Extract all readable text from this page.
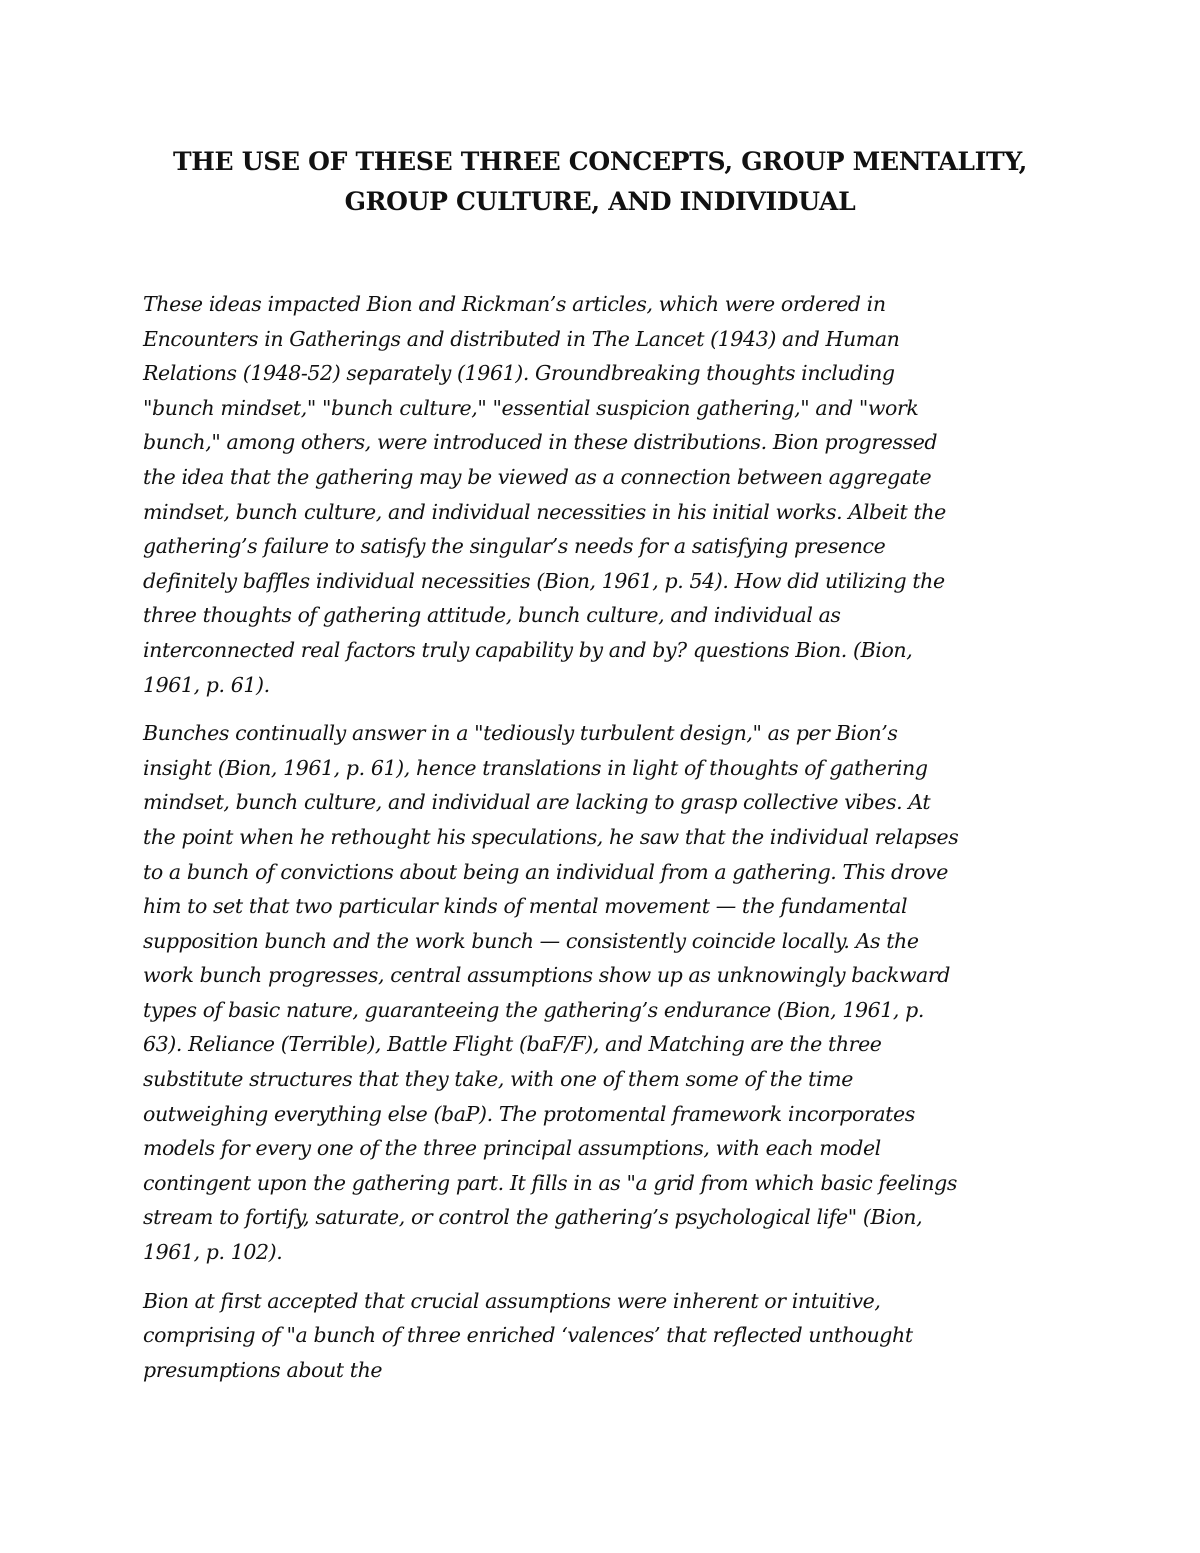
THE USE OF THESE THREE CONCEPTS, GROUP MENTALITY,
GROUP CULTURE, AND INDIVIDUAL

These ideas impacted Bion and Rickman’s articles, which were ordered in
Encounters in Gatherings and distributed in The Lancet (1943) and Human
Relations (1948-52) separately (1961). Groundbreaking thoughts including
"bunch mindset," "bunch culture," "essential suspicion gathering," and "work
bunch," among others, were introduced in these distributions. Bion progressed
the idea that the gathering may be viewed as a connection between aggregate
mindset, bunch culture, and individual necessities in his initial works. Albeit the
gathering’s failure to satisfy the singular’s needs for a satisfying presence
definitely baffles individual necessities (Bion, 1961, p. 54). How did utilizing the
three thoughts of gathering attitude, bunch culture, and individual as
interconnected real factors truly capability by and by? questions Bion. (Bion,
1961, p. 61).

Bunches continually answer in a "tediously turbulent design," as per Bion’s
insight (Bion, 1961, p. 61), hence translations in light of thoughts of gathering
mindset, bunch culture, and individual are lacking to grasp collective vibes. At
the point when he rethought his speculations, he saw that the individual relapses
to a bunch of convictions about being an individual from a gathering. This drove
him to set that two particular kinds of mental movement — the fundamental
supposition bunch and the work bunch — consistently coincide locally. As the
work bunch progresses, central assumptions show up as unknowingly backward
types of basic nature, guaranteeing the gathering’s endurance (Bion, 1961, p.
63). Reliance (Terrible), Battle Flight (baF/F), and Matching are the three
substitute structures that they take, with one of them some of the time
outweighing everything else (baP). The protomental framework incorporates
models for every one of the three principal assumptions, with each model
contingent upon the gathering part. It fills in as "a grid from which basic feelings
stream to fortify, saturate, or control the gathering’s psychological life" (Bion,
1961, p. 102).

Bion at first accepted that crucial assumptions were inherent or intuitive,
comprising of "a bunch of three enriched ‘valences’ that reflected unthought
presumptions about the
